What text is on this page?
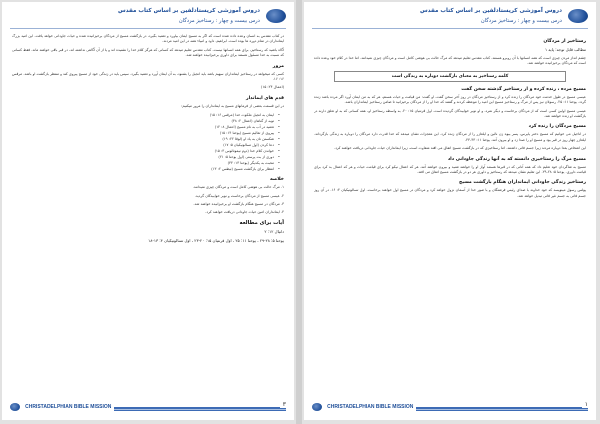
دروس آموزشی کریستادلفین بر اساس کتاب مقدس
درس بیست و چهار : رستاخیز مردگان

در کتاب مقدس به انسان وعده داده شده است که اگر به مسیح ایمان بیاورد و تعمید بگیرد، در بازگشت مسیح از مردگان برخیزانیده شده و حیات جاودانی خواهد یافت. این امید بزرگ ایمانداران در تمام دوره ها بوده است. ابراهیم، داود و انبیاء همه در این امید مردند.

آگاه باشید که رستاخیز، برای همه انسانها نیست. کتاب مقدس تعلیم میدهد که کسانی که هرگز کلام خدا را نشنیده اند و یا از آن آگاهی نداشته اند، در قبر باقی خواهند ماند. فقط کسانی که نسبت به خدا مسئول هستند برای داوری برخیزانیده خواهند شد.

مرور

کسی که میخواهد در رستاخیز ایمانداران سهیم باشد باید انجیل را بشنود، به آن ایمان آورد و تعمید بگیرد. سپس باید در زندگی خود از مسیح پیروی کند و منتظر بازگشت او باشد. مرقس ۱۶: ۱۶.

(اعمال ۲۴: ۱۵)

قدم های ایماندار

در این قسمت بعضی از فرمانهای مسیح به ایمانداران را مرور میکنیم:

• ایمان به انجیل ملکوت خدا (مرقس ۱۶: ۱۵)
• توبه از گناهان (اعمال ۲: ۳۸)
• تعمید در آب به نام مسیح (اعمال ۸: ۱۲)
• پیروی از تعالیم مسیح (یوحنا ۱۴: ۱۵)
• شکستن نان به یاد او (لوقا ۲۲: ۱۹)
• دعا کردن (اول تسالونیکیان ۵: ۱۷)
• خواندن کلام خدا (دوم تیموتائوس ۳: ۱۵)
• دوری از بت پرستی (اول یوحنا ۵: ۲۱)
• محبت به یکدیگر (یوحنا ۱۳: ۳۴)
• انتظار برای بازگشت مسیح (تیطس ۲: ۱۳)
خلاصه

۱. مرگ حالت بی هوشی کامل است و مردگان چیزی نمیدانند.

۲. عیسی مسیح از مردگان برخاست و نوبر خوابیدگان گردید.

۳. مردگان در مسیح هنگام بازگشت او برخیزانیده خواهند شد.

۴. ایمانداران امین حیات جاودانی دریافت خواهند کرد.

آیات برای مطالعه

دانیال ۱۲: ۲

یوحنا ۵: ۲۸-۲۹ ، یوحنا ۱۱: ۲۵ ، اول قرنتیان ۱۵: ۲۰-۲۳ ، اول تسالونیکیان ۴: ۱۳-۱۸

CHRISTADELPHIAN BIBLE MISSION	۳
دروس آموزشی کریستادلفین بر اساس کتاب مقدس
درس بیست و چهار : رستاخیز مردگان
رستاخیز از مردگان

مطالب قابل توجه: پایه ۱

چشم انداز مردن چیزی است که همه انسانها با آن روبرو هستند. کتاب مقدس تعلیم میدهد که مرگ حالت بی هوشی کامل است و مردگان چیزی نمیدانند. اما خدا در کلام خود وعده داده است که مردگان برخیزانیده خواهند شد.

کلمه رستاخیز به معنای بازگشت دوباره به زندگی است
مسیح مرده ، زنده کرده و از رستاخیز گذشته سخن گفت

عیسی مسیح در طول خدمت خود مردگان را زنده کرد و از رستاخیز مردگان در روز آخر سخن گفت. او گفت: من قیامت و حیات هستم، هر که به من ایمان آورد اگر مرده باشد زنده گردد. یوحنا ۱۱: ۲۵. رسولان نیز پس از مرگ و رستاخیز مسیح این امید را موعظه کردند و گفتند که خدا او را از مردگان برخیزانید تا ضامن رستاخیز ایمانداران باشد.

عیسی مسیح اولین کسی است که از مردگان برخاست و دیگر نمرد، و او نوبر خوابیدگان گردیده است. اول قرنتیان ۱۵: ۲۰. به واسطه رستاخیز او، همه کسانی که به او تعلق دارند در بازگشت او زنده خواهند شد.

مسیح مردگان را زنده کرد

در اناجیل می خوانیم که مسیح دختر یایرس، پسر بیوه زن نائین و ایلعازر را از مردگان زنده کرد. این معجزات نشان میدهد که خدا قدرت دارد مردگان را دوباره به زندگی بازگرداند. ایلعازر چهار روز در قبر بود و مسیح او را صدا زد و او بیرون آمد. یوحنا ۱۱: ۴۳-۴۴.

این اشخاص بعدا دوباره مردند زیرا جسم فانی داشتند. اما رستاخیزی که در بازگشت مسیح اتفاق می افتد متفاوت است، زیرا ایمانداران حیات جاودانی دریافت خواهند کرد.

مسیح مرگ را رستاخیزی دانسته که به آنها زندگی جاودانی داد

مسیح به شاگردان خود تعلیم داد که همه آنانی که در قبرها هستند آواز او را خواهند شنید و بیرون خواهند آمد. هر که اعمال نیکو کرد برای قیامت حیات و هر که اعمال بد کرد برای قیامت داوری. یوحنا ۵: ۲۸-۲۹. این تعلیم نشان میدهد که رستاخیز و داوری هر دو در بازگشت مسیح اتفاق می افتد.

رستاخیز زندگی جاودانی ایمانداران هنگام بازگشت مسیح

پولس رسول مینویسد که خود خداوند با صدای رئیس فرشتگان و با صور خدا از آسمان نزول خواهد کرد و مردگان در مسیح اول خواهند برخاست. اول تسالونیکیان ۴: ۱۶. در آن روز جسم فانی به جسم غیر فانی تبدیل خواهد شد.

CHRISTADELPHIAN BIBLE MISSION	۱
